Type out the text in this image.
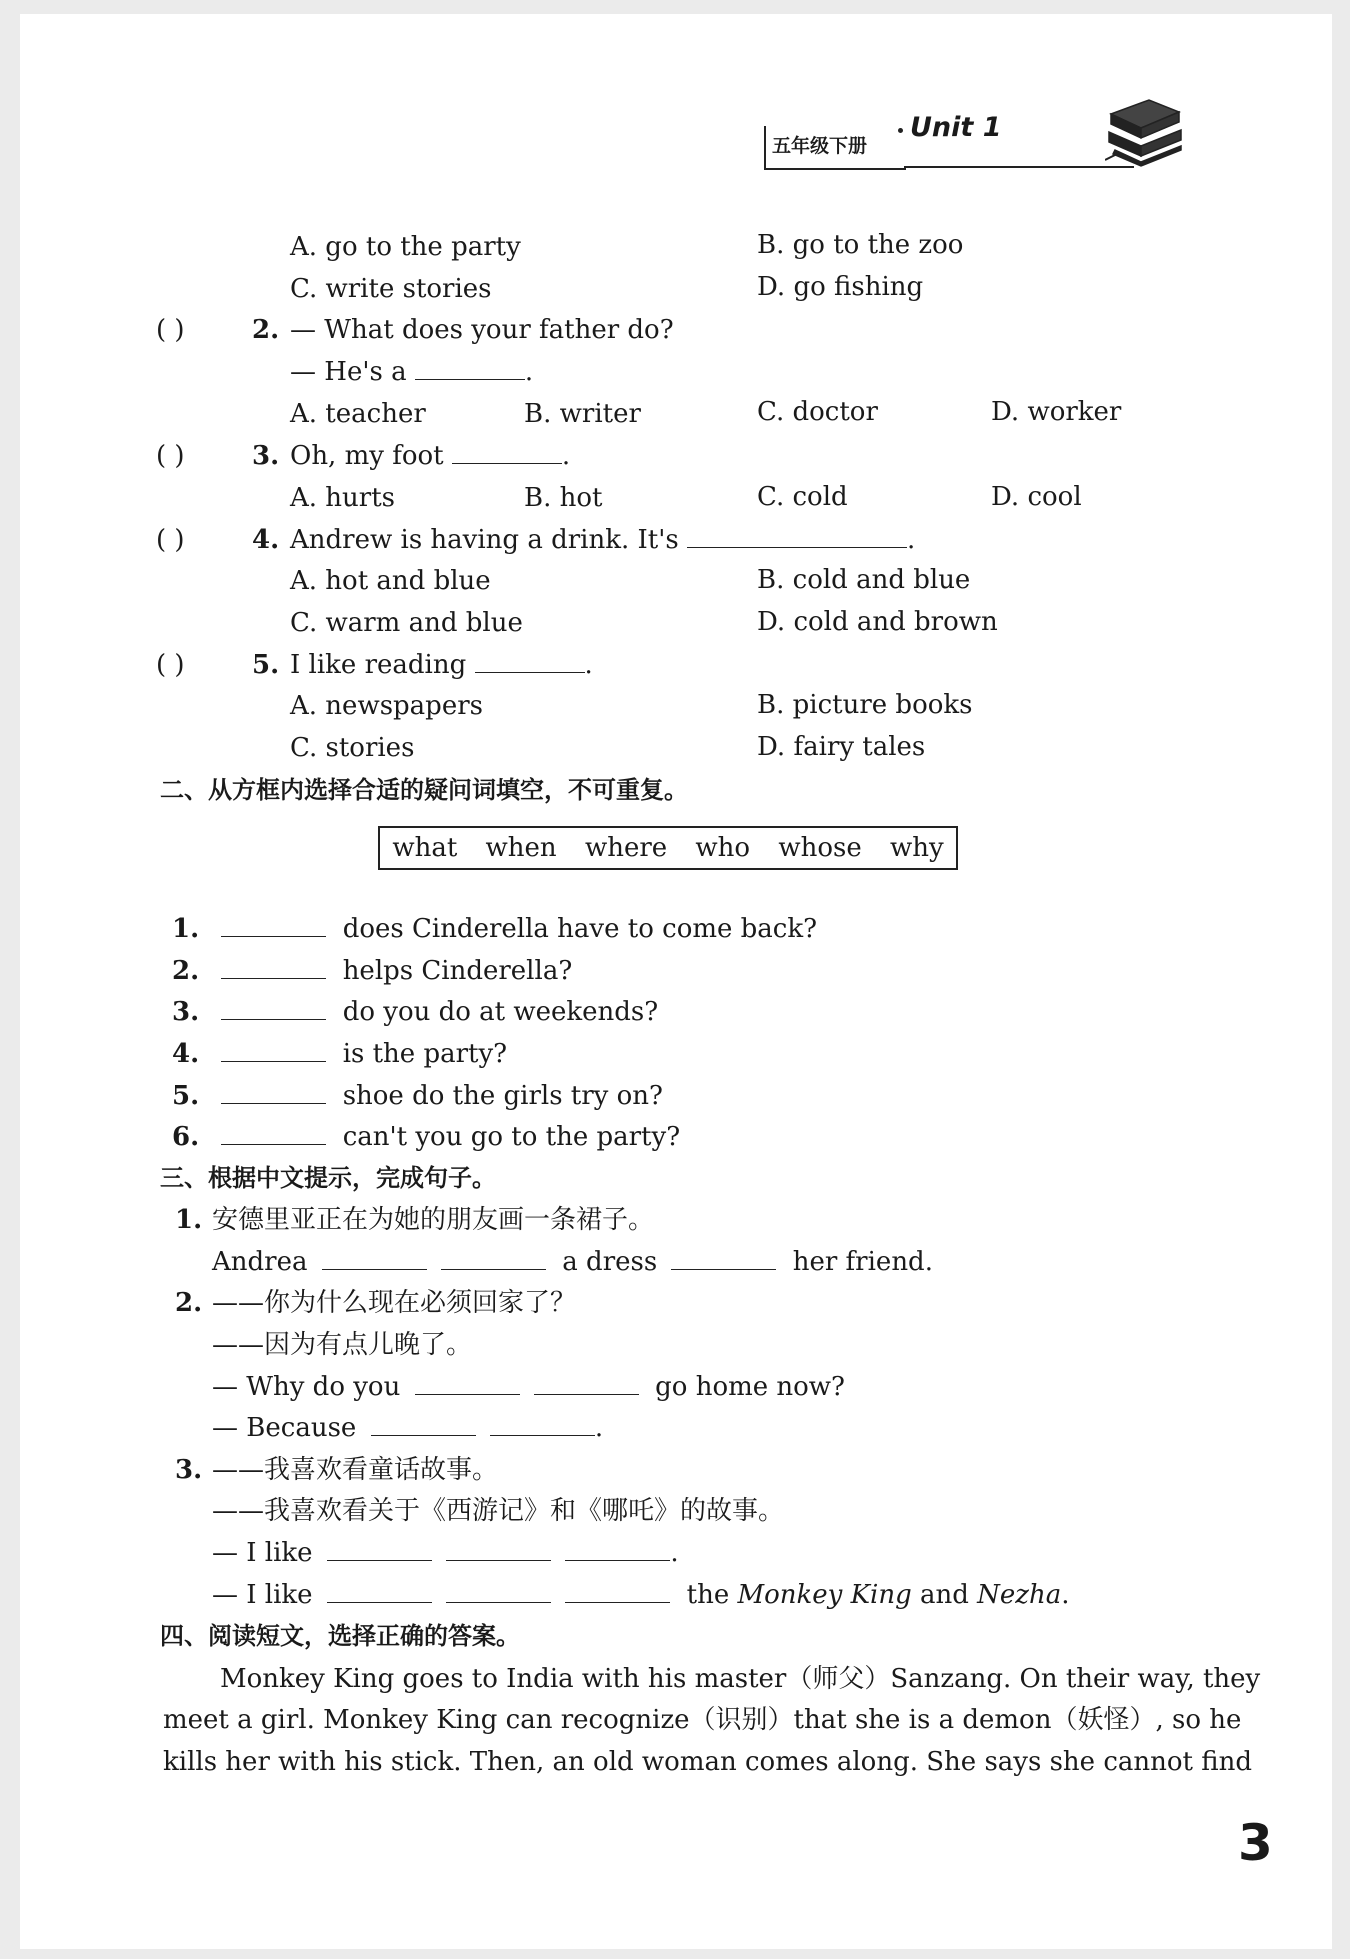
五年级下册
Unit 1
A. go to the party	B. go to the zoo
C. write stories	D. go fishing
( )	2. — What does your father do?
— He's a	.
A. teacher	B. writer	C. doctor	D. worker
( )	3. Oh, my foot	.
A. hurts	B. hot	C. cold	D. cool
( )	4. Andrew is having a drink. It's	.
A. hot and blue	B. cold and blue
C. warm and blue	D. cold and brown
( )	5. I like reading	.
A. newspapers	B. picture books
C. stories	D. fairy tales
二、从方框内选择合适的疑问词填空，不可重复。
what when where who whose why
1.	does Cinderella have to come back?
2.	helps Cinderella?
3.	do you do at weekends?
4.	is the party?
5.	shoe do the girls try on?
6.	can't you go to the party?
三、根据中文提示，完成句子。
1. 安德里亚正在为她的朋友画一条裙子。
Andrea	a dress	her friend.
2. ——你为什么现在必须回家了？
——因为有点儿晚了。
— Why do you	go home now?
— Because	.
3. ——我喜欢看童话故事。
——我喜欢看关于《西游记》和《哪吒》的故事。
— I like	.
— I like	the Monkey King and Nezha.
四、阅读短文，选择正确的答案。
Monkey King goes to India with his master（师父）Sanzang. On their way, they
meet a girl. Monkey King can recognize（识别）that she is a demon（妖怪）, so he
kills her with his stick. Then, an old woman comes along. She says she cannot find
3
